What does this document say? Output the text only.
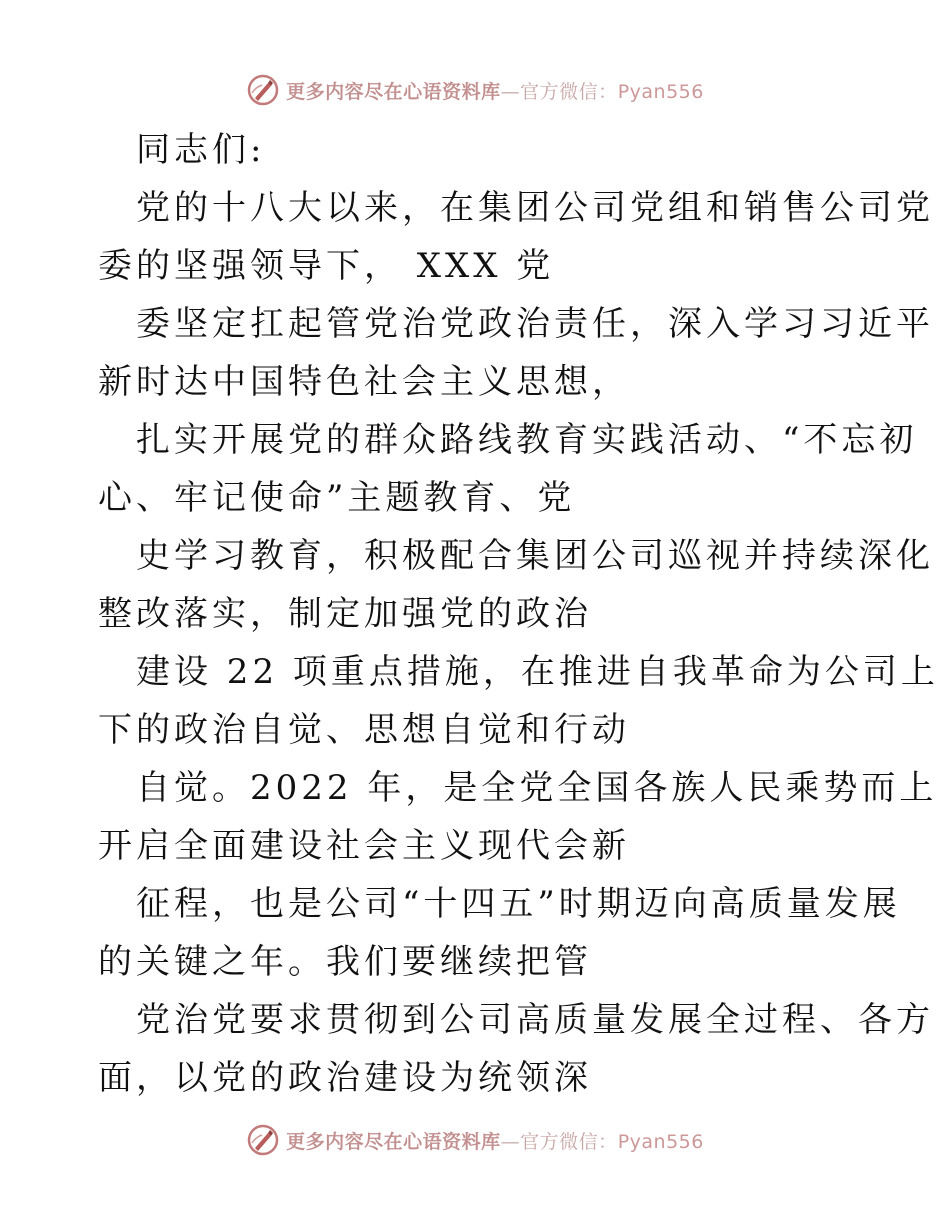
更多内容尽在心语资料库—官方微信：Pyan556
同志们:
党的十八大以来，在集团公司党组和销售公司党
委的坚强领导下， XXX 党
委坚定扛起管党治党政治责任，深入学习习近平
新时达中国特色社会主义思想，
扎实开展党的群众路线教育实践活动、“不忘初
心、牢记使命”主题教育、党
史学习教育，积极配合集团公司巡视并持续深化
整改落实，制定加强党的政治
建设 22 项重点措施，在推进自我革命为公司上
下的政治自觉、思想自觉和行动
自觉。2022 年，是全党全国各族人民乘势而上
开启全面建设社会主义现代会新
征程，也是公司“十四五”时期迈向高质量发展
的关键之年。我们要继续把管
党治党要求贯彻到公司高质量发展全过程、各方
面，以党的政治建设为统领深
更多内容尽在心语资料库—官方微信：Pyan556
